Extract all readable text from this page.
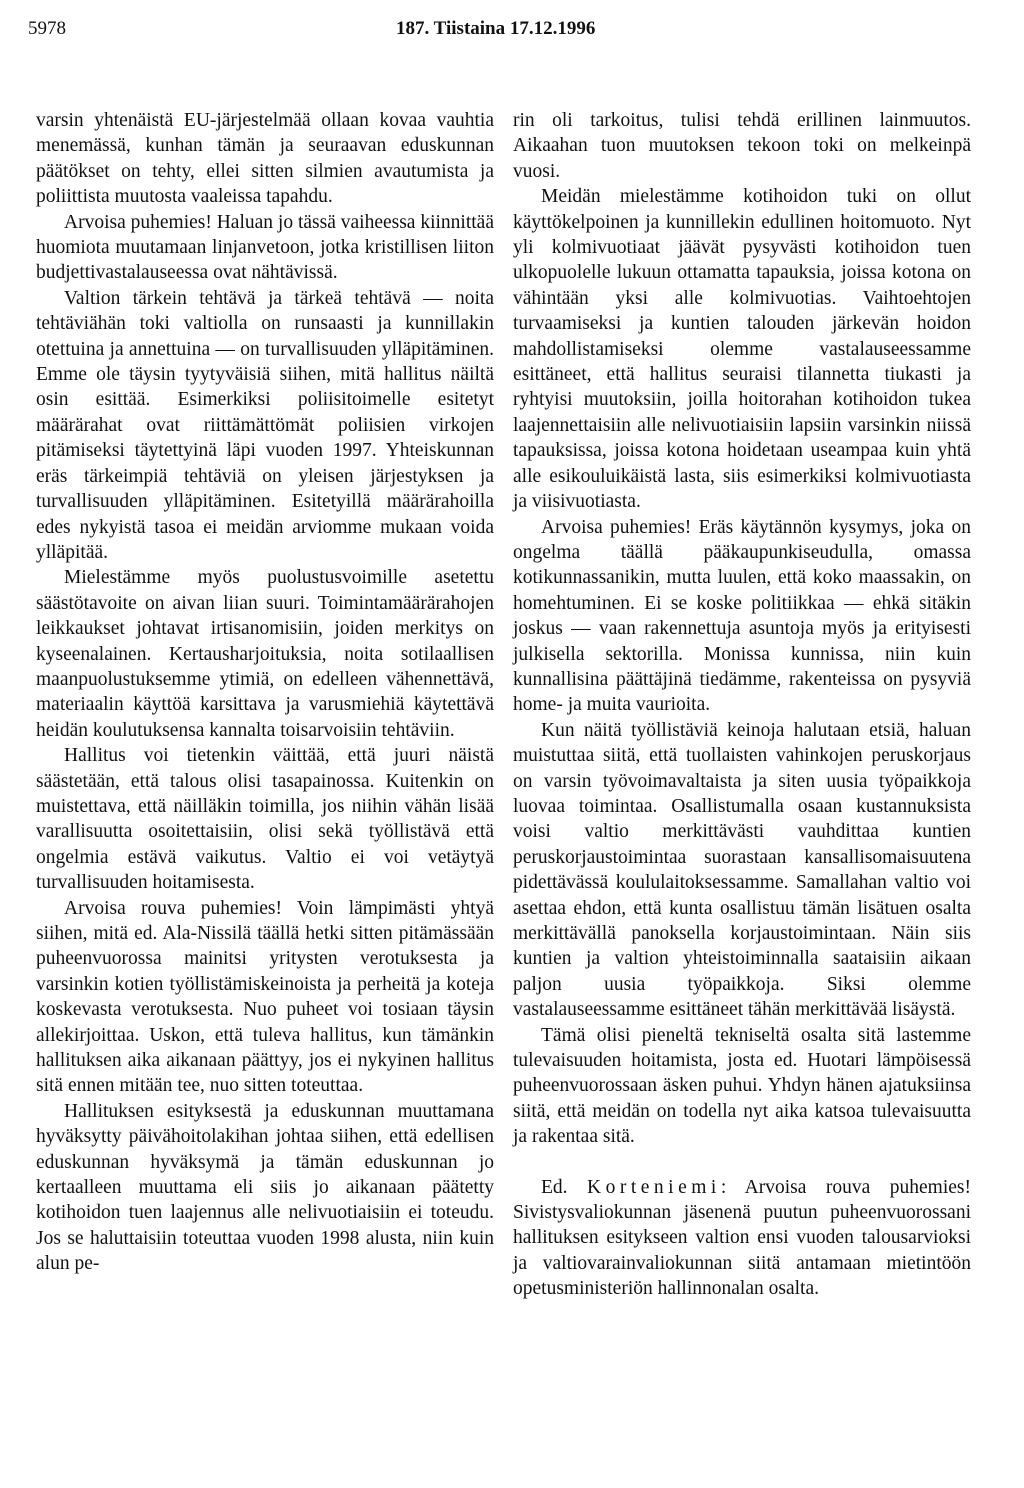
5978	187. Tiistaina 17.12.1996

varsin yhtenäistä EU-järjestelmää ollaan kovaa vauhtia menemässä, kunhan tämän ja seuraavan eduskunnan päätökset on tehty, ellei sitten silmien avautumista ja poliittista muutosta vaaleissa tapahdu.

Arvoisa puhemies! Haluan jo tässä vaiheessa kiinnittää huomiota muutamaan linjanvetoon, jotka kristillisen liiton budjettivastalauseessa ovat nähtävissä.

Valtion tärkein tehtävä ja tärkeä tehtävä — noita tehtäviähän toki valtiolla on runsaasti ja kunnillakin otettuina ja annettuina — on turvallisuuden ylläpitäminen. Emme ole täysin tyytyväisiä siihen, mitä hallitus näiltä osin esittää. Esimerkiksi poliisitoimelle esitetyt määrärahat ovat riittämättömät poliisien virkojen pitämiseksi täytettyinä läpi vuoden 1997. Yhteiskunnan eräs tärkeimpiä tehtäviä on yleisen järjestyksen ja turvallisuuden ylläpitäminen. Esitetyillä määrärahoilla edes nykyistä tasoa ei meidän arviomme mukaan voida ylläpitää.

Mielestämme myös puolustusvoimille asetettu säästötavoite on aivan liian suuri. Toimintamäärärahojen leikkaukset johtavat irtisanomisiin, joiden merkitys on kyseenalainen. Kertausharjoituksia, noita sotilaallisen maanpuolustuksemme ytimiä, on edelleen vähennettävä, materiaalin käyttöä karsittava ja varusmiehiä käytettävä heidän koulutuksensa kannalta toisarvoisiin tehtäviin.

Hallitus voi tietenkin väittää, että juuri näistä säästetään, että talous olisi tasapainossa. Kuitenkin on muistettava, että näilläkin toimilla, jos niihin vähän lisää varallisuutta osoitettaisiin, olisi sekä työllistävä että ongelmia estävä vaikutus. Valtio ei voi vetäytyä turvallisuuden hoitamisesta.

Arvoisa rouva puhemies! Voin lämpimästi yhtyä siihen, mitä ed. Ala-Nissilä täällä hetki sitten pitämässään puheenvuorossa mainitsi yritysten verotuksesta ja varsinkin kotien työllistämiskeinoista ja perheitä ja koteja koskevasta verotuksesta. Nuo puheet voi tosiaan täysin allekirjoittaa. Uskon, että tuleva hallitus, kun tämänkin hallituksen aika aikanaan päättyy, jos ei nykyinen hallitus sitä ennen mitään tee, nuo sitten toteuttaa.

Hallituksen esityksestä ja eduskunnan muuttamana hyväksytty päivähoitolakihan johtaa siihen, että edellisen eduskunnan hyväksymä ja tämän eduskunnan jo kertaalleen muuttama eli siis jo aikanaan päätetty kotihoidon tuen laajennus alle nelivuotiaisiin ei toteudu. Jos se haluttaisiin toteuttaa vuoden 1998 alusta, niin kuin alun pe-

rin oli tarkoitus, tulisi tehdä erillinen lainmuutos. Aikaahan tuon muutoksen tekoon toki on melkeinpä vuosi.

Meidän mielestämme kotihoidon tuki on ollut käyttökelpoinen ja kunnillekin edullinen hoitomuoto. Nyt yli kolmivuotiaat jäävät pysyvästi kotihoidon tuen ulkopuolelle lukuun ottamatta tapauksia, joissa kotona on vähintään yksi alle kolmivuotias. Vaihtoehtojen turvaamiseksi ja kuntien talouden järkevän hoidon mahdollistamiseksi olemme vastalauseessamme esittäneet, että hallitus seuraisi tilannetta tiukasti ja ryhtyisi muutoksiin, joilla hoitorahan kotihoidon tukea laajennettaisiin alle nelivuotiaisiin lapsiin varsinkin niissä tapauksissa, joissa kotona hoidetaan useampaa kuin yhtä alle esikouluikäistä lasta, siis esimerkiksi kolmivuotiasta ja viisivuotiasta.

Arvoisa puhemies! Eräs käytännön kysymys, joka on ongelma täällä pääkaupunkiseudulla, omassa kotikunnassanikin, mutta luulen, että koko maassakin, on homehtuminen. Ei se koske politiikkaa — ehkä sitäkin joskus — vaan rakennettuja asuntoja myös ja erityisesti julkisella sektorilla. Monissa kunnissa, niin kuin kunnallisina päättäjinä tiedämme, rakenteissa on pysyviä home- ja muita vaurioita.

Kun näitä työllistäviä keinoja halutaan etsiä, haluan muistuttaa siitä, että tuollaisten vahinkojen peruskorjaus on varsin työvoimavaltaista ja siten uusia työpaikkoja luovaa toimintaa. Osallistumalla osaan kustannuksista voisi valtio merkittävästi vauhdittaa kuntien peruskorjaustoimintaa suorastaan kansallisomaisuutena pidettävässä koululaitoksessamme. Samallahan valtio voi asettaa ehdon, että kunta osallistuu tämän lisätuen osalta merkittävällä panoksella korjaustoimintaan. Näin siis kuntien ja valtion yhteistoiminnalla saataisiin aikaan paljon uusia työpaikkoja. Siksi olemme vastalauseessamme esittäneet tähän merkittävää lisäystä.

Tämä olisi pieneltä tekniseltä osalta sitä lastemme tulevaisuuden hoitamista, josta ed. Huotari lämpöisessä puheenvuorossaan äsken puhui. Yhdyn hänen ajatuksiinsa siitä, että meidän on todella nyt aika katsoa tulevaisuutta ja rakentaa sitä.

Ed. Korteniemi: Arvoisa rouva puhemies! Sivistysvaliokunnan jäsenenä puutun puheenvuorossani hallituksen esitykseen valtion ensi vuoden talousarvioksi ja valtiovarainvaliokunnan siitä antamaan mietintöön opetusministeriön hallinnonalan osalta.
